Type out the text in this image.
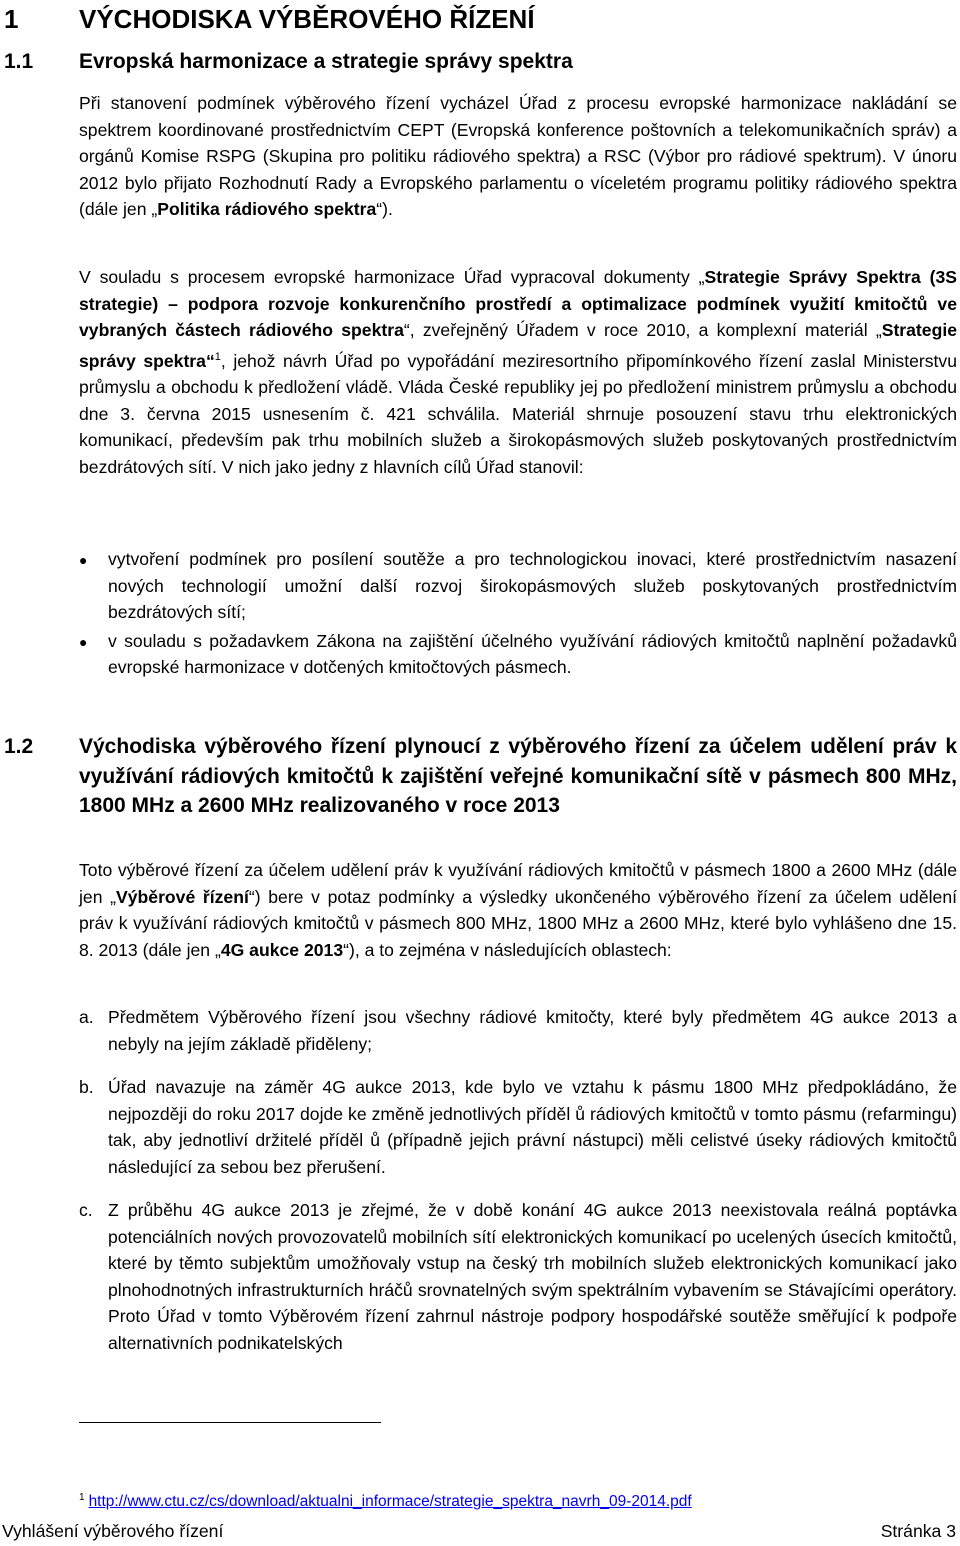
1 VÝCHODISKA VÝBĚROVÉHO ŘÍZENÍ
1.1 Evropská harmonizace a strategie správy spektra

Při stanovení podmínek výběrového řízení vycházel Úřad z procesu evropské harmonizace nakládání se spektrem koordinované prostřednictvím CEPT (Evropská konference poštovních a telekomunikačních správ) a orgánů Komise RSPG (Skupina pro politiku rádiového spektra) a RSC (Výbor pro rádiové spektrum). V únoru 2012 bylo přijato Rozhodnutí Rady a Evropského parlamentu o víceletém programu politiky rádiového spektra (dále jen „Politika rádiového spektra“).

V souladu s procesem evropské harmonizace Úřad vypracoval dokumenty „Strategie Správy Spektra (3S strategie) – podpora rozvoje konkurenčního prostředí a optimalizace podmínek využití kmitočtů ve vybraných částech rádiového spektra“, zveřejněný Úřadem v roce 2010, a komplexní materiál „Strategie správy spektra“$^1$, jehož návrh Úřad po vypořádání meziresortního připomínkového řízení zaslal Ministerstvu průmyslu a obchodu k předložení vládě. Vláda České republiky jej po předložení ministrem průmyslu a obchodu dne 3. června 2015 usnesením č. 421 schválila. Materiál shrnuje posouzení stavu trhu elektronických komunikací, především pak trhu mobilních služeb a širokopásmových služeb poskytovaných prostřednictvím bezdrátových sítí. V nich jako jedny z hlavních cílů Úřad stanovil:

●	vytvoření podmínek pro posílení soutěže a pro technologickou inovaci, které prostřednictvím nasazení nových technologií umožní další rozvoj širokopásmových služeb poskytovaných prostřednictvím bezdrátových sítí;
●	v souladu s požadavkem Zákona na zajištění účelného využívání rádiových kmitočtů naplnění požadavků evropské harmonizace v dotčených kmitočtových pásmech.
1.2	Východiska výběrového řízení plynoucí z výběrového řízení za účelem udělení práv k využívání rádiových kmitočtů k zajištění veřejné komunikační sítě v pásmech 800 MHz, 1800 MHz a 2600 MHz realizovaného v roce 2013

Toto výběrové řízení za účelem udělení práv k využívání rádiových kmitočtů v pásmech 1800 a 2600 MHz (dále jen „Výběrové řízení“) bere v potaz podmínky a výsledky ukončeného výběrového řízení za účelem udělení práv k využívání rádiových kmitočtů v pásmech 800 MHz, 1800 MHz a 2600 MHz, které bylo vyhlášeno dne 15. 8. 2013 (dále jen „4G aukce 2013“), a to zejména v následujících oblastech:

a. Předmětem Výběrového řízení jsou všechny rádiové kmitočty, které byly předmětem 4G aukce 2013 a nebyly na jejím základě přiděleny;
b. Úřad navazuje na záměr 4G aukce 2013, kde bylo ve vztahu k pásmu 1800 MHz předpokládáno, že nejpozději do roku 2017 dojde ke změně jednotlivých příděl ů rádiových kmitočtů v tomto pásmu (refarmingu) tak, aby jednotliví držitelé příděl ů (případně jejich právní nástupci) měli celistvé úseky rádiových kmitočtů následující za sebou bez přerušení.
c. Z průběhu 4G aukce 2013 je zřejmé, že v době konání 4G aukce 2013 neexistovala reálná poptávka potenciálních nových provozovatelů mobilních sítí elektronických komunikací po ucelených úsecích kmitočtů, které by těmto subjektům umožňovaly vstup na český trh mobilních služeb elektronických komunikací jako plnohodnotných infrastrukturních hráčů srovnatelných svým spektrálním vybavením se Stávajícími operátory. Proto Úřad v tomto Výběrovém řízení zahrnul nástroje podpory hospodářské soutěže směřující k podpoře alternativních podnikatelských
$^1$ http://www.ctu.cz/cs/download/aktualni_informace/strategie_spektra_navrh_09-2014.pdf
Vyhlášení výběrového řízení	Stránka 3
